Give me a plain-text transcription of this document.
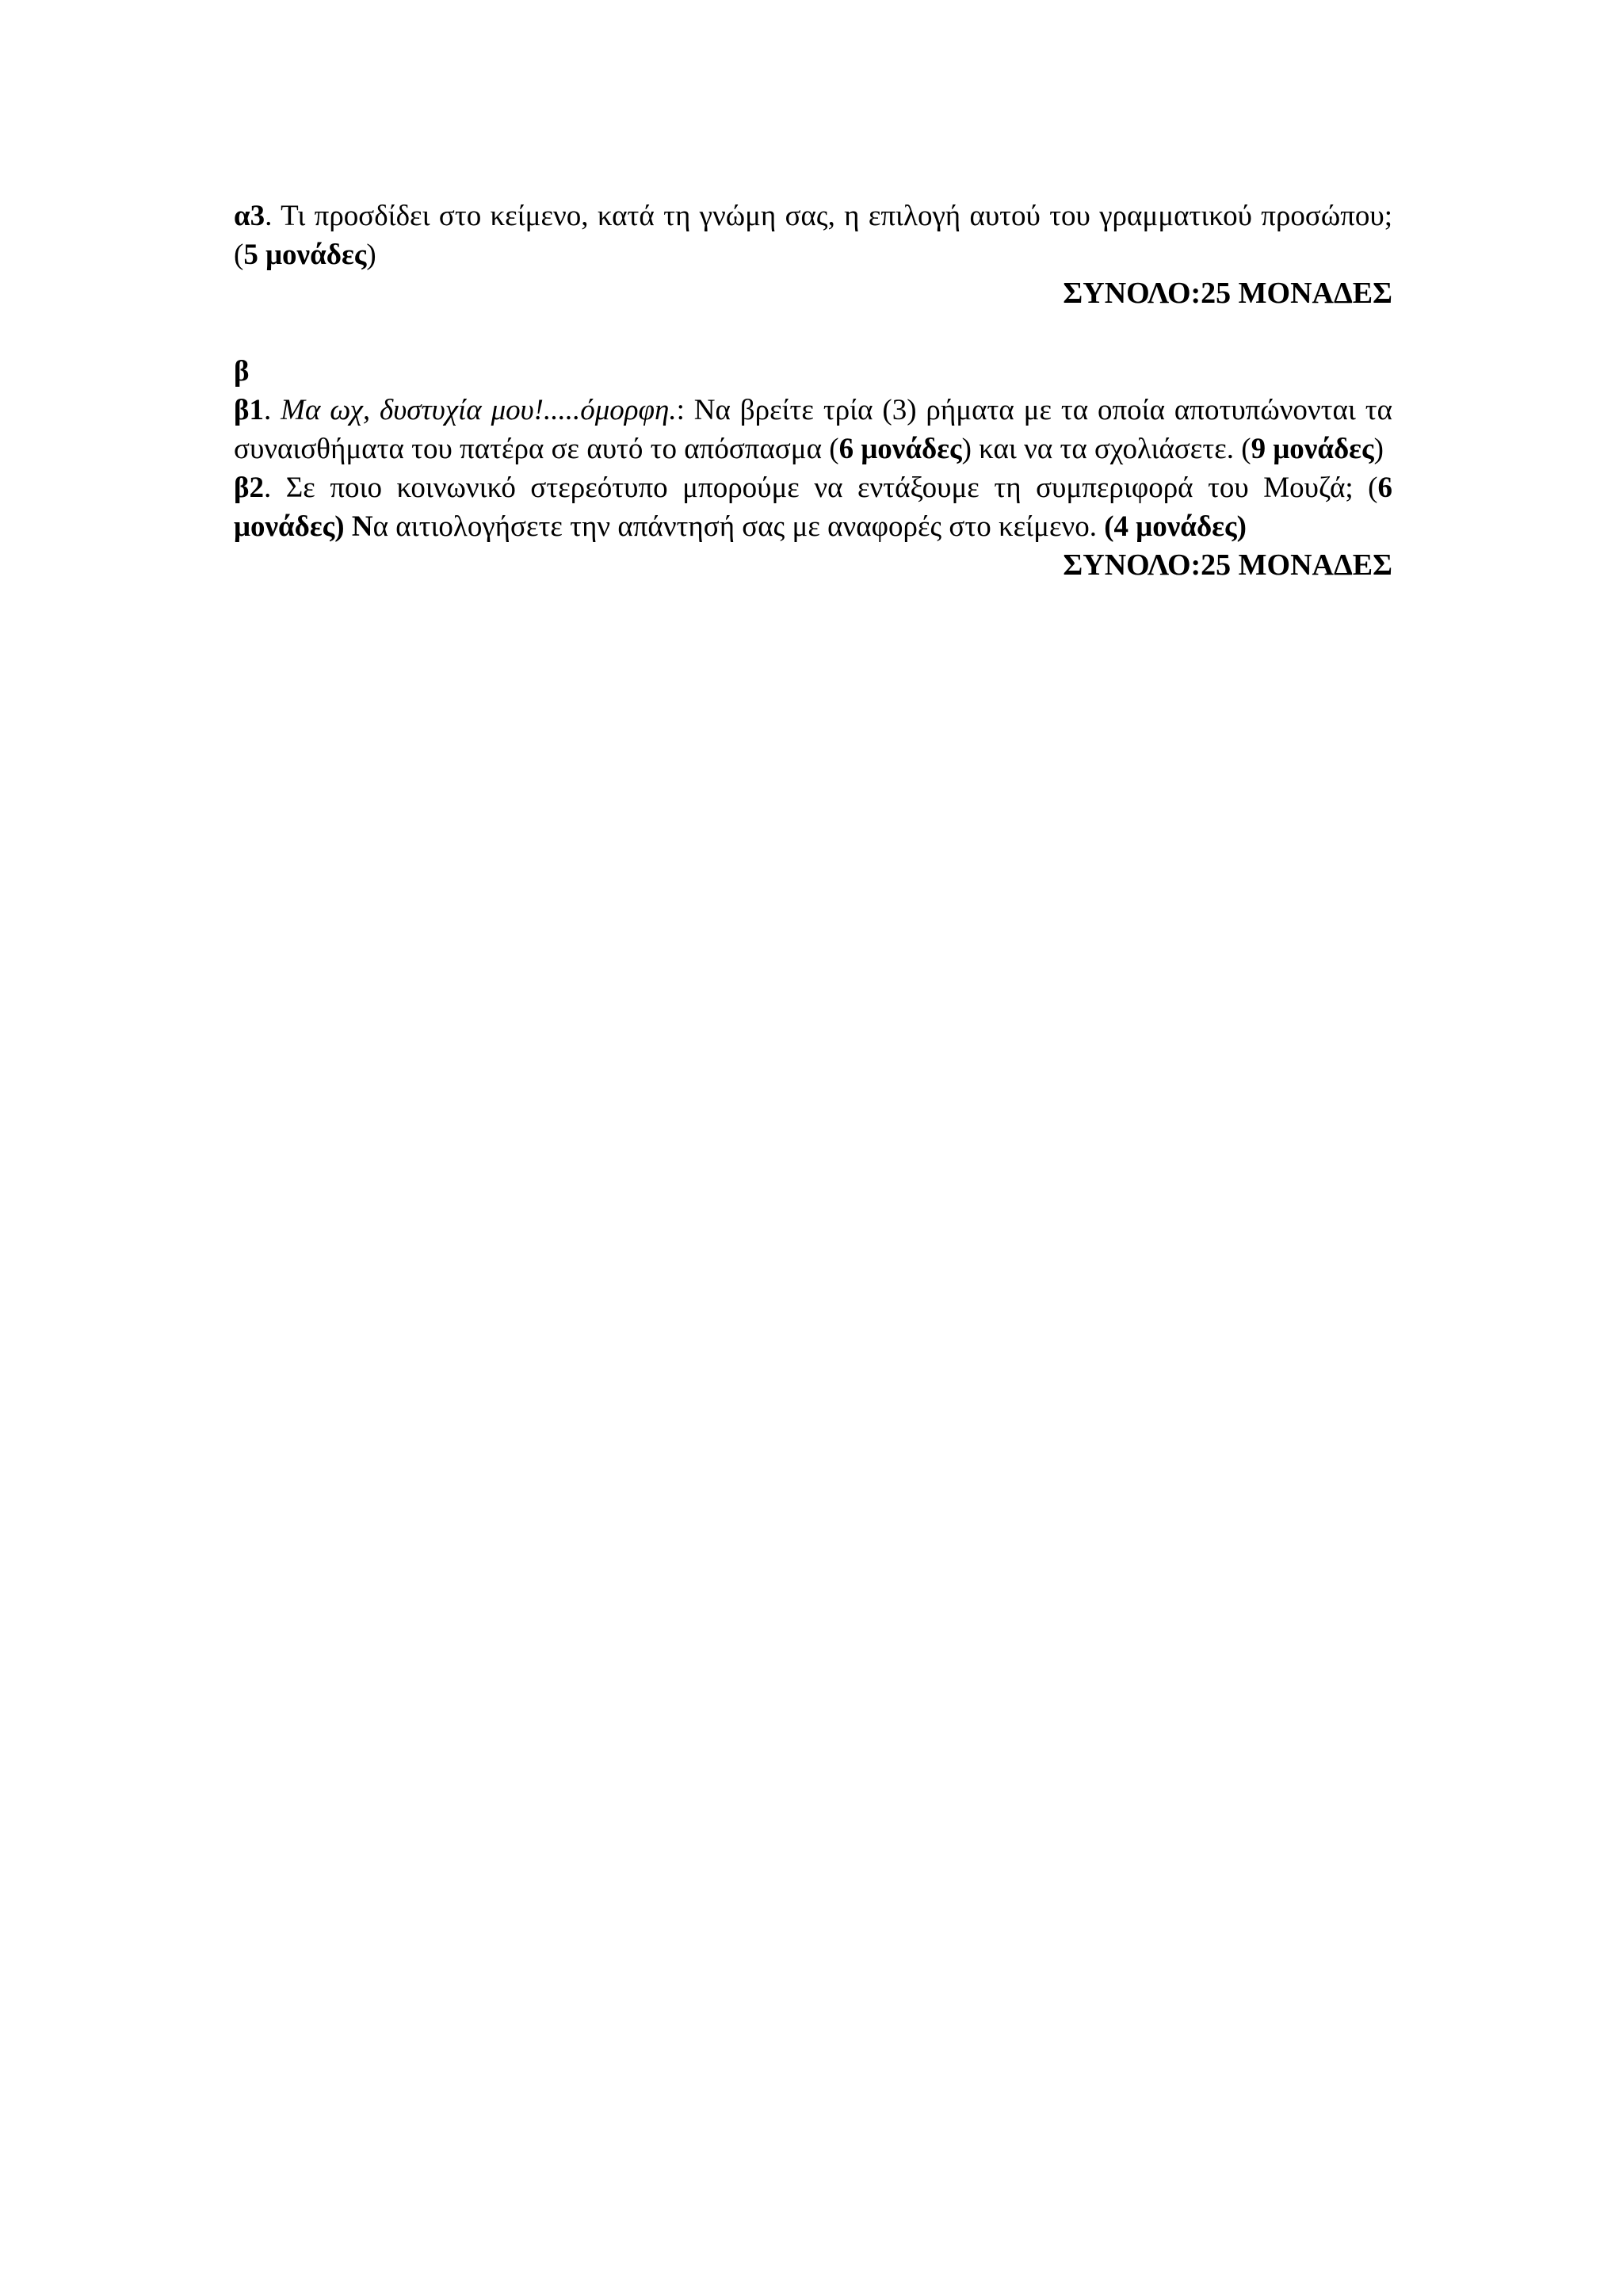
α3. Τι προσδίδει στο κείμενο, κατά τη γνώμη σας, η επιλογή αυτού του γραμματικού προσώπου; (5 μονάδες)

ΣΥΝΟΛΟ:25 ΜΟΝΑΔΕΣ

β

β1. Μα ωχ, δυστυχία μου!.....όμορφη.: Να βρείτε τρία (3) ρήματα με τα οποία αποτυπώνονται τα συναισθήματα του πατέρα σε αυτό το απόσπασμα (6 μονάδες) και να τα σχολιάσετε. (9 μονάδες)

β2. Σε ποιο κοινωνικό στερεότυπο μπορούμε να εντάξουμε τη συμπεριφορά του Μουζά; (6 μονάδες) Να αιτιολογήσετε την απάντησή σας με αναφορές στο κείμενο. (4 μονάδες)

ΣΥΝΟΛΟ:25 ΜΟΝΑΔΕΣ
